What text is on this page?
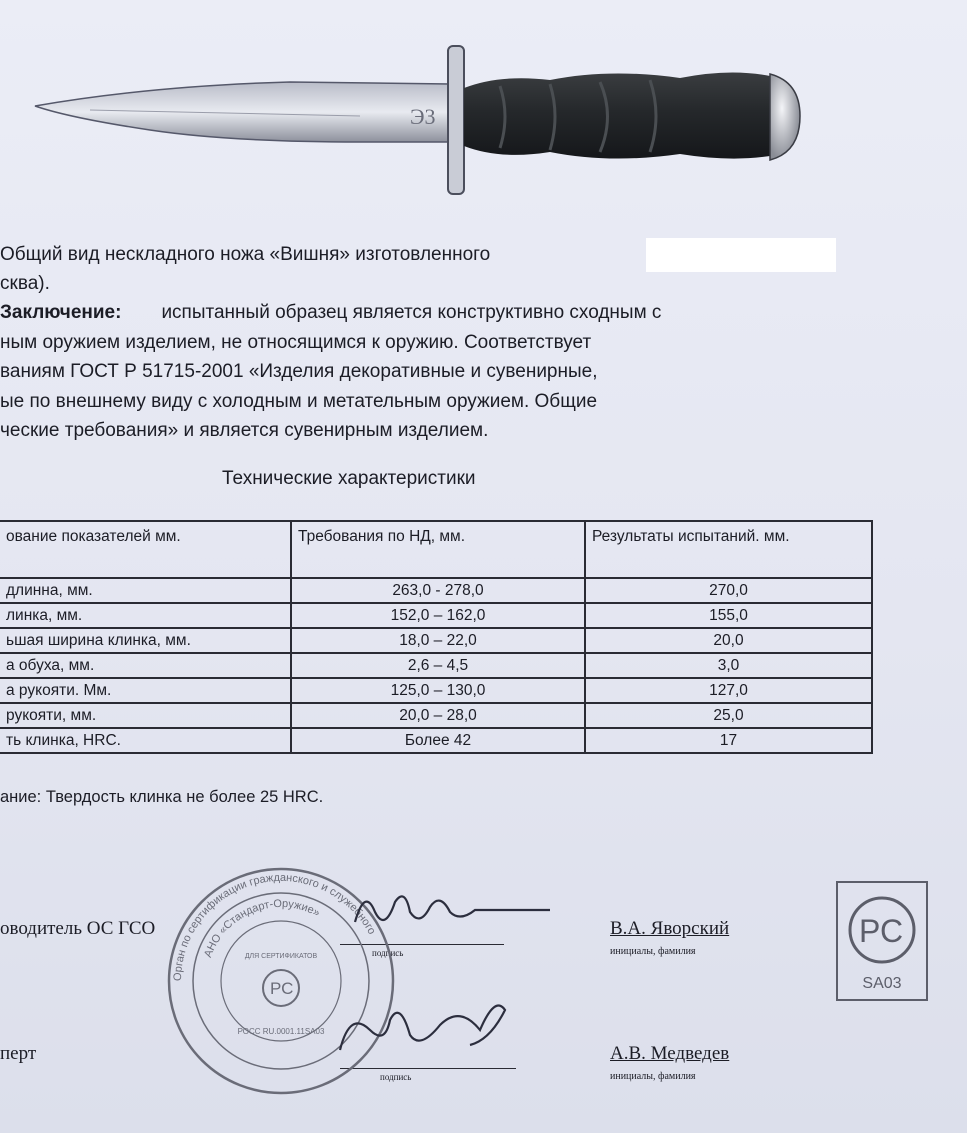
Э3
Общий вид нескладного ножа «Вишня» изготовленного
сква).
Заключение: испытанный образец является конструктивно сходным с
ным оружием изделием, не относящимся к оружию. Соответствует
ваниям ГОСТ Р 51715-2001 «Изделия декоративные и сувенирные,
ые по внешнему виду с холодным и метательным оружием. Общие
ческие требования» и является сувенирным изделием.
Технические характеристики
ование показателей мм.	Требования по НД, мм.	Результаты испытаний. мм.
длинна, мм.	263,0 - 278,0	270,0
линка, мм.	152,0 – 162,0	155,0
ьшая ширина клинка, мм.	18,0 – 22,0	20,0
а обуха, мм.	2,6 – 4,5	3,0
а рукояти. Мм.	125,0 – 130,0	127,0
рукояти, мм.	20,0 – 28,0	25,0
ть клинка, HRC.	Более 42	17
ание: Твердость клинка не более 25 HRC.
оводитель ОС ГСО
подпись
В.А. Яворский
инициалы, фамилия
перт
подпись
А.В. Медведев
инициалы, фамилия
Орган по сертификации гражданского и служебного
АНО «Стандарт-Оружие»
ДЛЯ СЕРТИФИКАТОВ
РС
РОСС RU.0001.11SA03
РС
SA03
